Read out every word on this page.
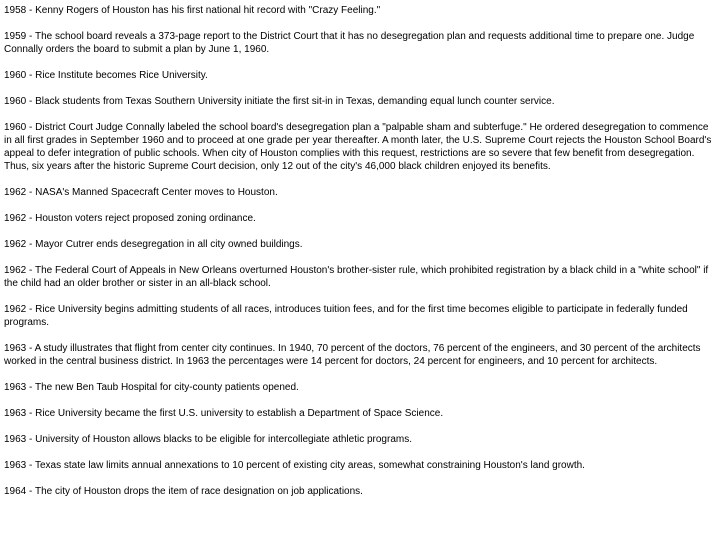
1958 - Kenny Rogers of Houston has his first national hit record with "Crazy Feeling."

1959 - The school board reveals a 373-page report to the District Court that it has no desegregation plan and requests additional time to prepare one. Judge Connally orders the board to submit a plan by June 1, 1960.

1960 - Rice Institute becomes Rice University.

1960 - Black students from Texas Southern University initiate the first sit-in in Texas, demanding equal lunch counter service.

1960 - District Court Judge Connally labeled the school board's desegregation plan a "palpable sham and subterfuge." He ordered desegregation to commence in all first grades in September 1960 and to proceed at one grade per year thereafter. A month later, the U.S. Supreme Court rejects the Houston School Board's appeal to defer integration of public schools. When city of Houston complies with this request, restrictions are so severe that few benefit from desegregation. Thus, six years after the historic Supreme Court decision, only 12 out of the city's 46,000 black children enjoyed its benefits.

1962 - NASA's Manned Spacecraft Center moves to Houston.

1962 - Houston voters reject proposed zoning ordinance.

1962 - Mayor Cutrer ends desegregation in all city owned buildings.

1962 - The Federal Court of Appeals in New Orleans overturned Houston's brother-sister rule, which prohibited registration by a black child in a "white school" if the child had an older brother or sister in an all-black school.

1962 - Rice University begins admitting students of all races, introduces tuition fees, and for the first time becomes eligible to participate in federally funded programs.

1963 - A study illustrates that flight from center city continues. In 1940, 70 percent of the doctors, 76 percent of the engineers, and 30 percent of the architects worked in the central business district. In 1963 the percentages were 14 percent for doctors, 24 percent for engineers, and 10 percent for architects.

1963 - The new Ben Taub Hospital for city-county patients opened.

1963 - Rice University became the first U.S. university to establish a Department of Space Science.

1963 - University of Houston allows blacks to be eligible for intercollegiate athletic programs.

1963 - Texas state law limits annual annexations to 10 percent of existing city areas, somewhat constraining Houston's land growth.

1964 - The city of Houston drops the item of race designation on job applications.
